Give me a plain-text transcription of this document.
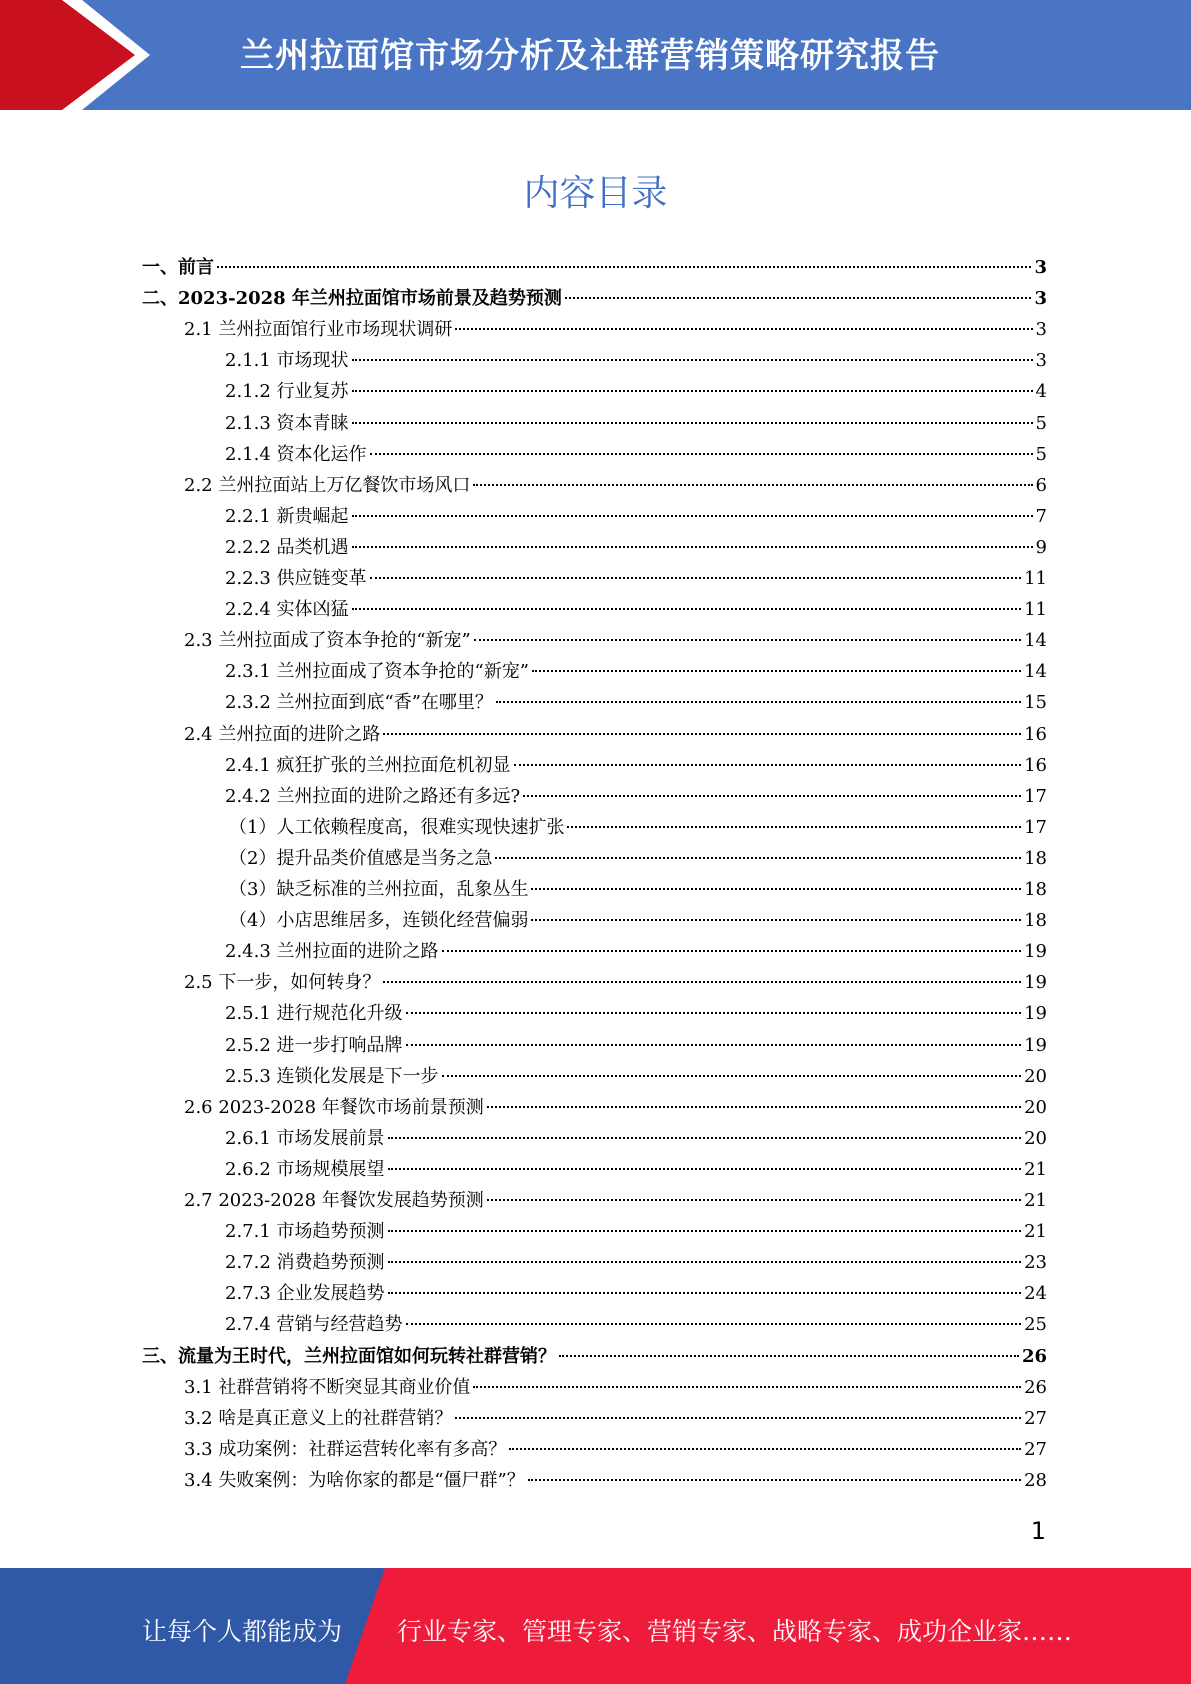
兰州拉面馆市场分析及社群营销策略研究报告
内容目录
一、前言	3
二、2023-2028 年兰州拉面馆市场前景及趋势预测	3
2.1 兰州拉面馆行业市场现状调研	3
2.1.1 市场现状	3
2.1.2 行业复苏	4
2.1.3 资本青睐	5
2.1.4 资本化运作	5
2.2 兰州拉面站上万亿餐饮市场风口	6
2.2.1 新贵崛起	7
2.2.2 品类机遇	9
2.2.3 供应链变革	11
2.2.4 实体凶猛	11
2.3 兰州拉面成了资本争抢的“新宠”	14
2.3.1 兰州拉面成了资本争抢的“新宠”	14
2.3.2 兰州拉面到底“香”在哪里？	15
2.4 兰州拉面的进阶之路	16
2.4.1 疯狂扩张的兰州拉面危机初显	16
2.4.2 兰州拉面的进阶之路还有多远?	17
（1）人工依赖程度高，很难实现快速扩张	17
（2）提升品类价值感是当务之急	18
（3）缺乏标准的兰州拉面，乱象丛生	18
（4）小店思维居多，连锁化经营偏弱	18
2.4.3 兰州拉面的进阶之路	19
2.5 下一步，如何转身？	19
2.5.1 进行规范化升级	19
2.5.2 进一步打响品牌	19
2.5.3 连锁化发展是下一步	20
2.6 2023-2028 年餐饮市场前景预测	20
2.6.1 市场发展前景	20
2.6.2 市场规模展望	21
2.7 2023-2028 年餐饮发展趋势预测	21
2.7.1 市场趋势预测	21
2.7.2 消费趋势预测	23
2.7.3 企业发展趋势	24
2.7.4 营销与经营趋势	25
三、流量为王时代，兰州拉面馆如何玩转社群营销？	26
3.1 社群营销将不断突显其商业价值	26
3.2 啥是真正意义上的社群营销？	27
3.3 成功案例：社群运营转化率有多高？	27
3.4 失败案例：为啥你家的都是“僵尸群”？	28
1
让每个人都能成为 行业专家、管理专家、营销专家、战略专家、成功企业家……
